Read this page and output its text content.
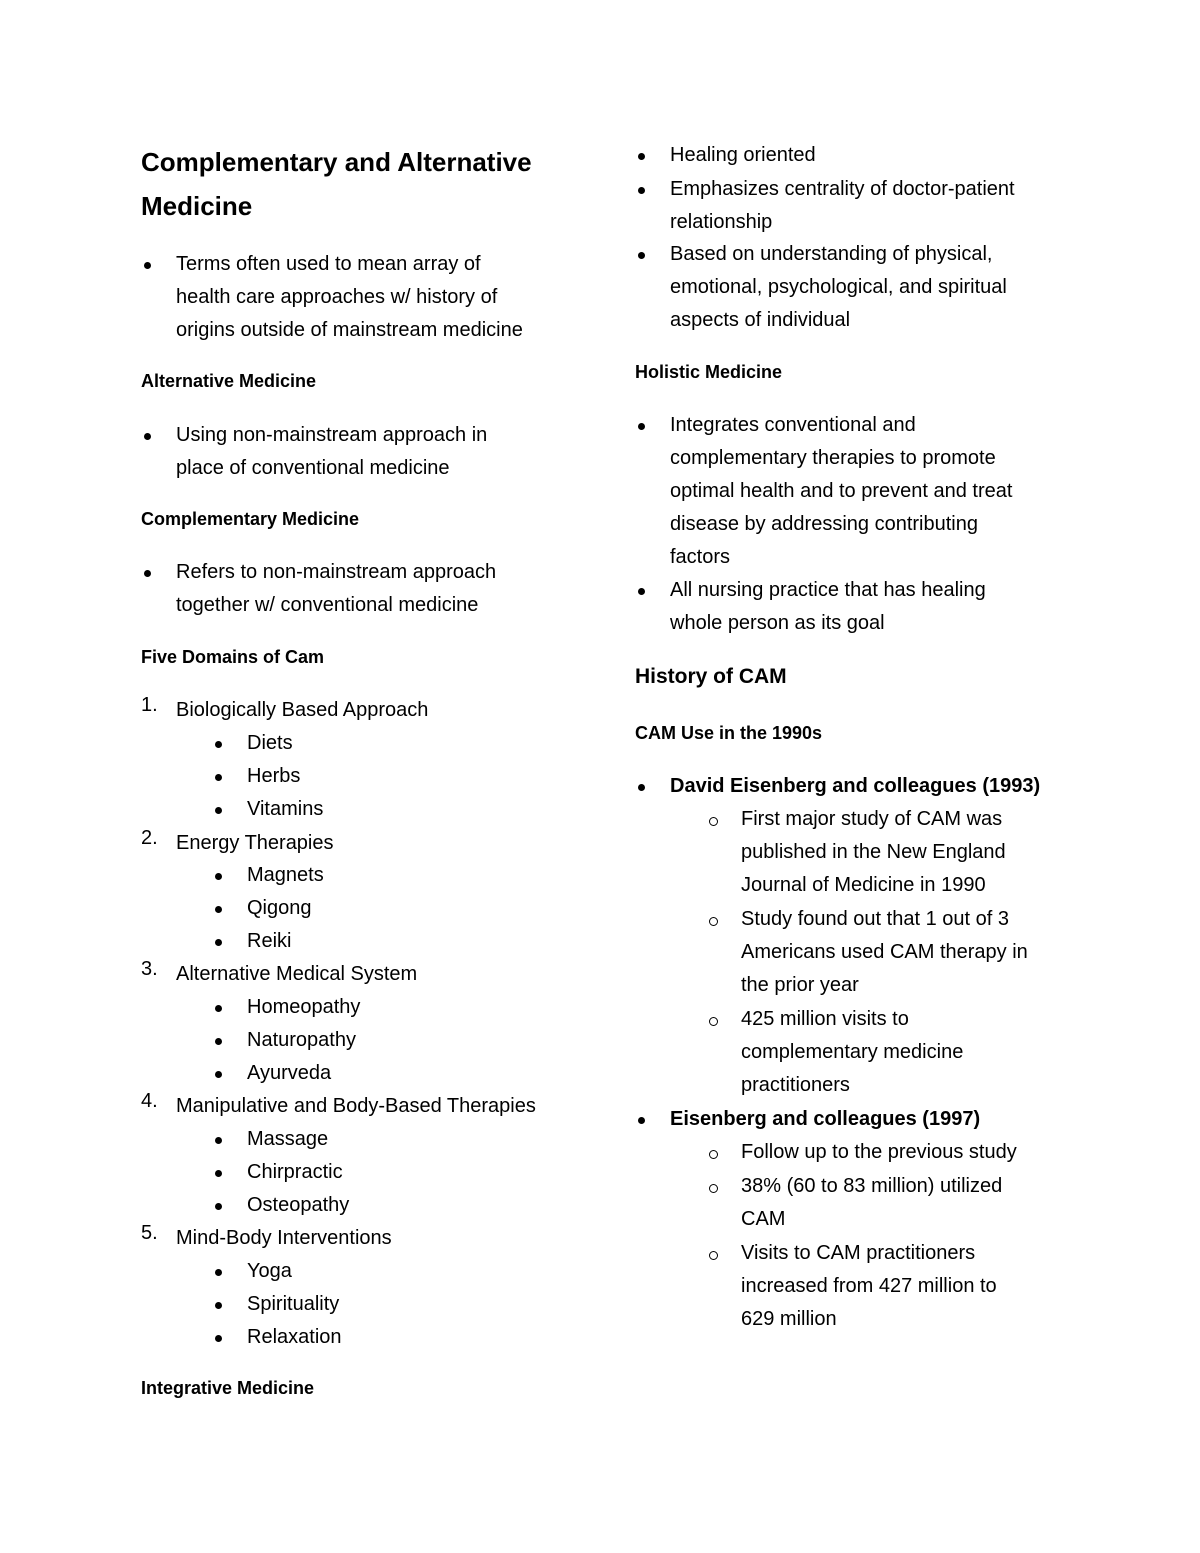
Complementary and Alternative
Medicine
Terms often used to mean array of
health care approaches w/ history of
origins outside of mainstream medicine
Alternative Medicine
Using non-mainstream approach in
place of conventional medicine
Complementary Medicine
Refers to non-mainstream approach
together w/ conventional medicine
Five Domains of Cam
1. Biologically Based Approach
Diets
Herbs
Vitamins
2. Energy Therapies
Magnets
Qigong
Reiki
3. Alternative Medical System
Homeopathy
Naturopathy
Ayurveda
4. Manipulative and Body-Based Therapies
Massage
Chirpractic
Osteopathy
5. Mind-Body Interventions
Yoga
Spirituality
Relaxation
Integrative Medicine
Healing oriented
Emphasizes centrality of doctor-patient
relationship
Based on understanding of physical,
emotional, psychological, and spiritual
aspects of individual
Holistic Medicine
Integrates conventional and
complementary therapies to promote
optimal health and to prevent and treat
disease by addressing contributing
factors
All nursing practice that has healing
whole person as its goal
History of CAM
CAM Use in the 1990s
David Eisenberg and colleagues (1993)
First major study of CAM was
published in the New England
Journal of Medicine in 1990
Study found out that 1 out of 3
Americans used CAM therapy in
the prior year
425 million visits to
complementary medicine
practitioners
Eisenberg and colleagues (1997)
Follow up to the previous study
38% (60 to 83 million) utilized
CAM
Visits to CAM practitioners
increased from 427 million to
629 million
